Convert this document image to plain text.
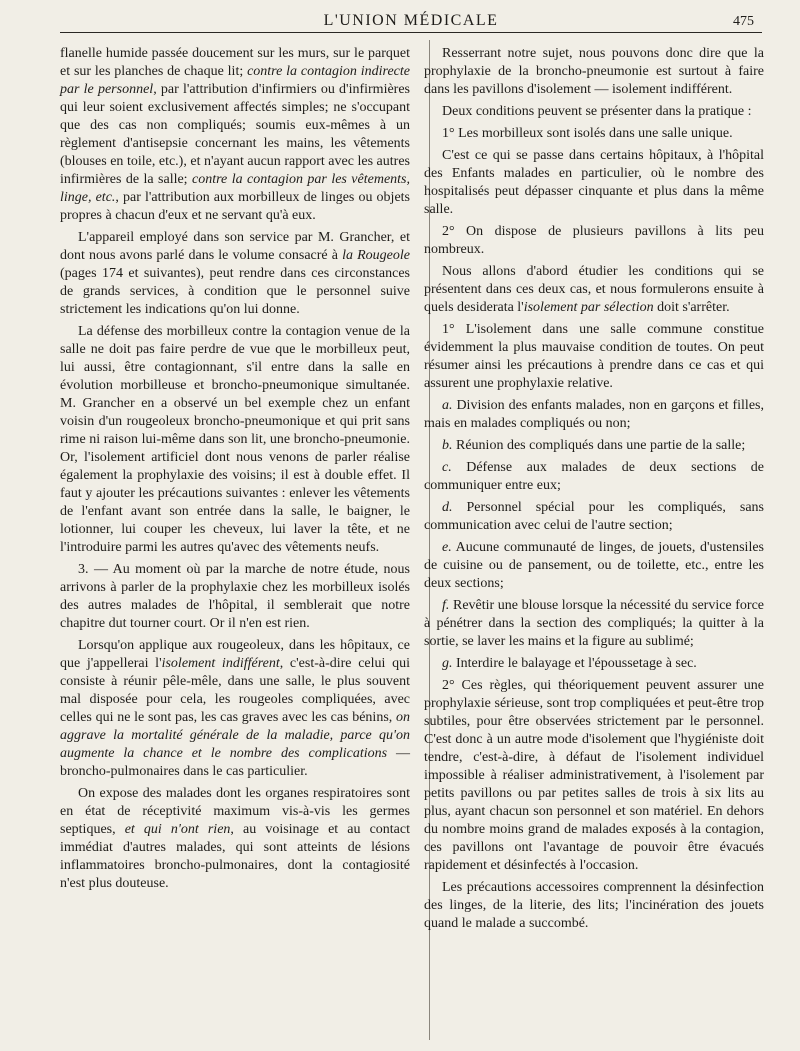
L'UNION MÉDICALE	475

flanelle humide passée doucement sur les murs, sur le parquet et sur les planches de chaque lit; contre la contagion indirecte par le personnel, par l'attribution d'infirmiers ou d'infirmières qui leur soient exclusivement affectés simples; ne s'occupant que des cas non compliqués; soumis eux-mêmes à un règlement d'antisepsie concernant les mains, les vêtements (blouses en toile, etc.), et n'ayant aucun rapport avec les autres infirmières de la salle; contre la contagion par les vêtements, linge, etc., par l'attribution aux morbilleux de linges ou objets propres à chacun d'eux et ne servant qu'à eux.

L'appareil employé dans son service par M. Grancher, et dont nous avons parlé dans le volume consacré à la Rougeole (pages 174 et suivantes), peut rendre dans ces circonstances de grands services, à condition que le personnel suive strictement les indications qu'on lui donne.

La défense des morbilleux contre la contagion venue de la salle ne doit pas faire perdre de vue que le morbilleux peut, lui aussi, être contagionnant, s'il entre dans la salle en évolution morbilleuse et broncho-pneumonique simultanée. M. Grancher en a observé un bel exemple chez un enfant voisin d'un rougeoleux broncho-pneumonique et qui prit sans rime ni raison lui-même dans son lit, une broncho-pneumonie. Or, l'isolement artificiel dont nous venons de parler réalise également la prophylaxie des voisins; il est à double effet. Il faut y ajouter les précautions suivantes : enlever les vêtements de l'enfant avant son entrée dans la salle, le baigner, le lotionner, lui couper les cheveux, lui laver la tête, et ne l'introduire parmi les autres qu'avec des vêtements neufs.

3. — Au moment où par la marche de notre étude, nous arrivons à parler de la prophylaxie chez les morbilleux isolés des autres malades de l'hôpital, il semblerait que notre chapitre dut tourner court. Or il n'en est rien.

Lorsqu'on applique aux rougeoleux, dans les hôpitaux, ce que j'appellerai l'isolement indifférent, c'est-à-dire celui qui consiste à réunir pêle-mêle, dans une salle, le plus souvent mal disposée pour cela, les rougeoles compliquées, avec celles qui ne le sont pas, les cas graves avec les cas bénins, on aggrave la mortalité générale de la maladie, parce qu'on augmente la chance et le nombre des complications — broncho-pulmonaires dans le cas particulier.

On expose des malades dont les organes respiratoires sont en état de réceptivité maximum vis-à-vis les germes septiques, et qui n'ont rien, au voisinage et au contact immédiat d'autres malades, qui sont atteints de lésions inflammatoires broncho-pulmonaires, dont la contagiosité n'est plus douteuse.

Resserrant notre sujet, nous pouvons donc dire que la prophylaxie de la broncho-pneumonie est surtout à faire dans les pavillons d'isolement — isolement indifférent.

Deux conditions peuvent se présenter dans la pratique :

1° Les morbilleux sont isolés dans une salle unique.

C'est ce qui se passe dans certains hôpitaux, à l'hôpital des Enfants malades en particulier, où le nombre des hospitalisés peut dépasser cinquante et plus dans la même salle.

2° On dispose de plusieurs pavillons à lits peu nombreux.

Nous allons d'abord étudier les conditions qui se présentent dans ces deux cas, et nous formulerons ensuite à quels desiderata l'isolement par sélection doit s'arrêter.

1° L'isolement dans une salle commune constitue évidemment la plus mauvaise condition de toutes. On peut résumer ainsi les précautions à prendre dans ce cas et qui assurent une prophylaxie relative.

a. Division des enfants malades, non en garçons et filles, mais en malades compliqués ou non;

b. Réunion des compliqués dans une partie de la salle;

c. Défense aux malades de deux sections de communiquer entre eux;

d. Personnel spécial pour les compliqués, sans communication avec celui de l'autre section;

e. Aucune communauté de linges, de jouets, d'ustensiles de cuisine ou de pansement, ou de toilette, etc., entre les deux sections;

f. Revêtir une blouse lorsque la nécessité du service force à pénétrer dans la section des compliqués; la quitter à la sortie, se laver les mains et la figure au sublimé;

g. Interdire le balayage et l'époussetage à sec.

2° Ces règles, qui théoriquement peuvent assurer une prophylaxie sérieuse, sont trop compliquées et peut-être trop subtiles, pour être observées strictement par le personnel. C'est donc à un autre mode d'isolement que l'hygiéniste doit tendre, c'est-à-dire, à défaut de l'isolement individuel impossible à réaliser administrativement, à l'isolement par petits pavillons ou par petites salles de trois à six lits au plus, ayant chacun son personnel et son matériel. En dehors du nombre moins grand de malades exposés à la contagion, ces pavillons ont l'avantage de pouvoir être évacués rapidement et désinfectés à l'occasion.

Les précautions accessoires comprennent la désinfection des linges, de la literie, des lits; l'incinération des jouets quand le malade a succombé.
